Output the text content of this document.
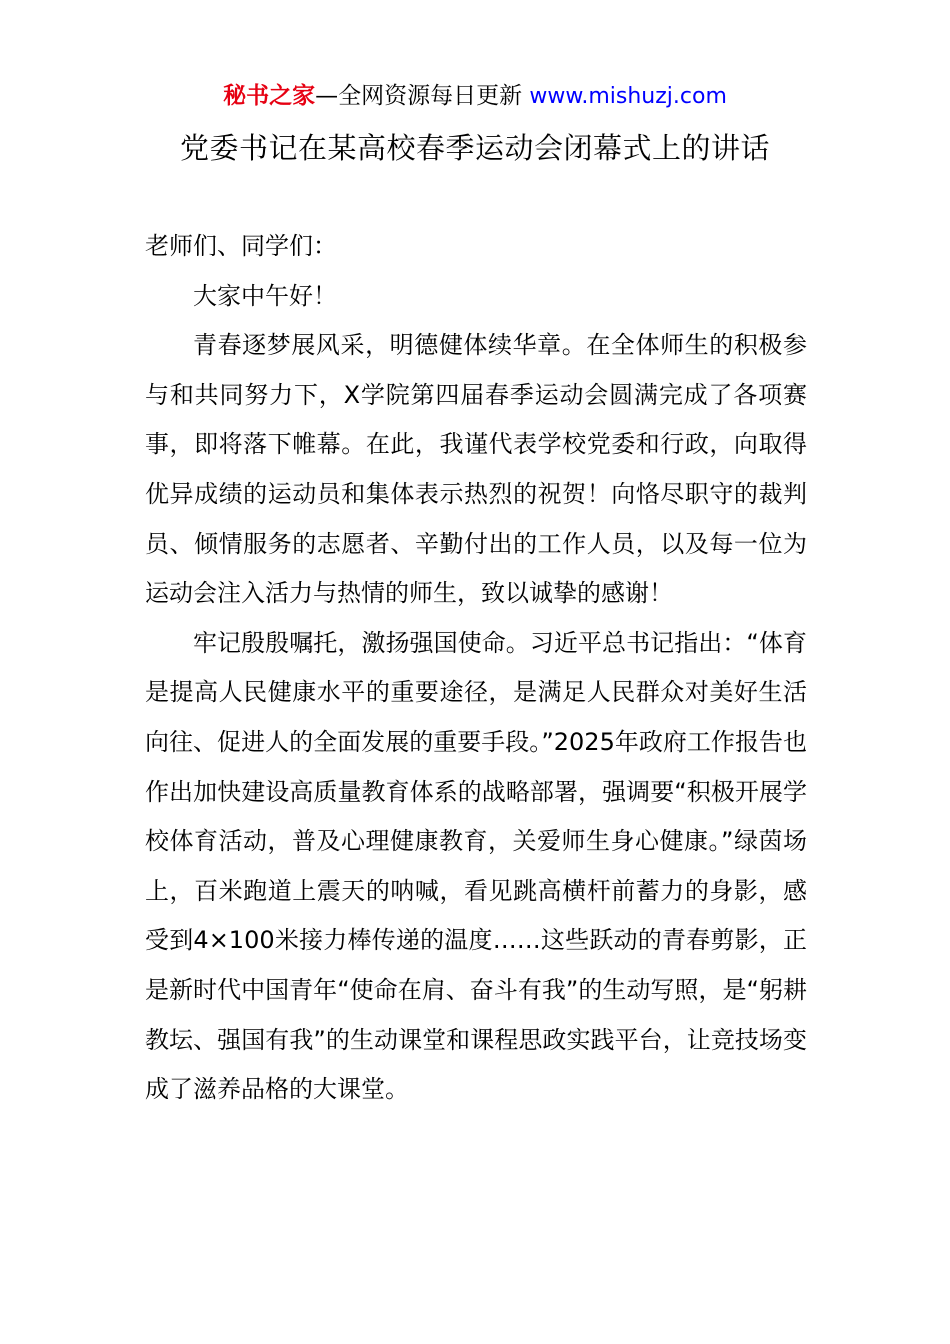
秘书之家—全网资源每日更新 www.mishuzj.com
党委书记在某高校春季运动会闭幕式上的讲话

老师们、同学们：

大家中午好！

青春逐梦展风采，明德健体续华章。在全体师生的积极参与和共同努力下，X学院第四届春季运动会圆满完成了各项赛事，即将落下帷幕。在此，我谨代表学校党委和行政，向取得优异成绩的运动员和集体表示热烈的祝贺！向恪尽职守的裁判员、倾情服务的志愿者、辛勤付出的工作人员，以及每一位为运动会注入活力与热情的师生，致以诚挚的感谢！

牢记殷殷嘱托，激扬强国使命。习近平总书记指出：“体育是提高人民健康水平的重要途径，是满足人民群众对美好生活向往、促进人的全面发展的重要手段。”2025年政府工作报告也作出加快建设高质量教育体系的战略部署，强调要“积极开展学校体育活动，普及心理健康教育，关爱师生身心健康。”绿茵场上，百米跑道上震天的呐喊，看见跳高横杆前蓄力的身影，感受到4×100米接力棒传递的温度……这些跃动的青春剪影，正是新时代中国青年“使命在肩、奋斗有我”的生动写照，是“躬耕教坛、强国有我”的生动课堂和课程思政实践平台，让竞技场变成了滋养品格的大课堂。
